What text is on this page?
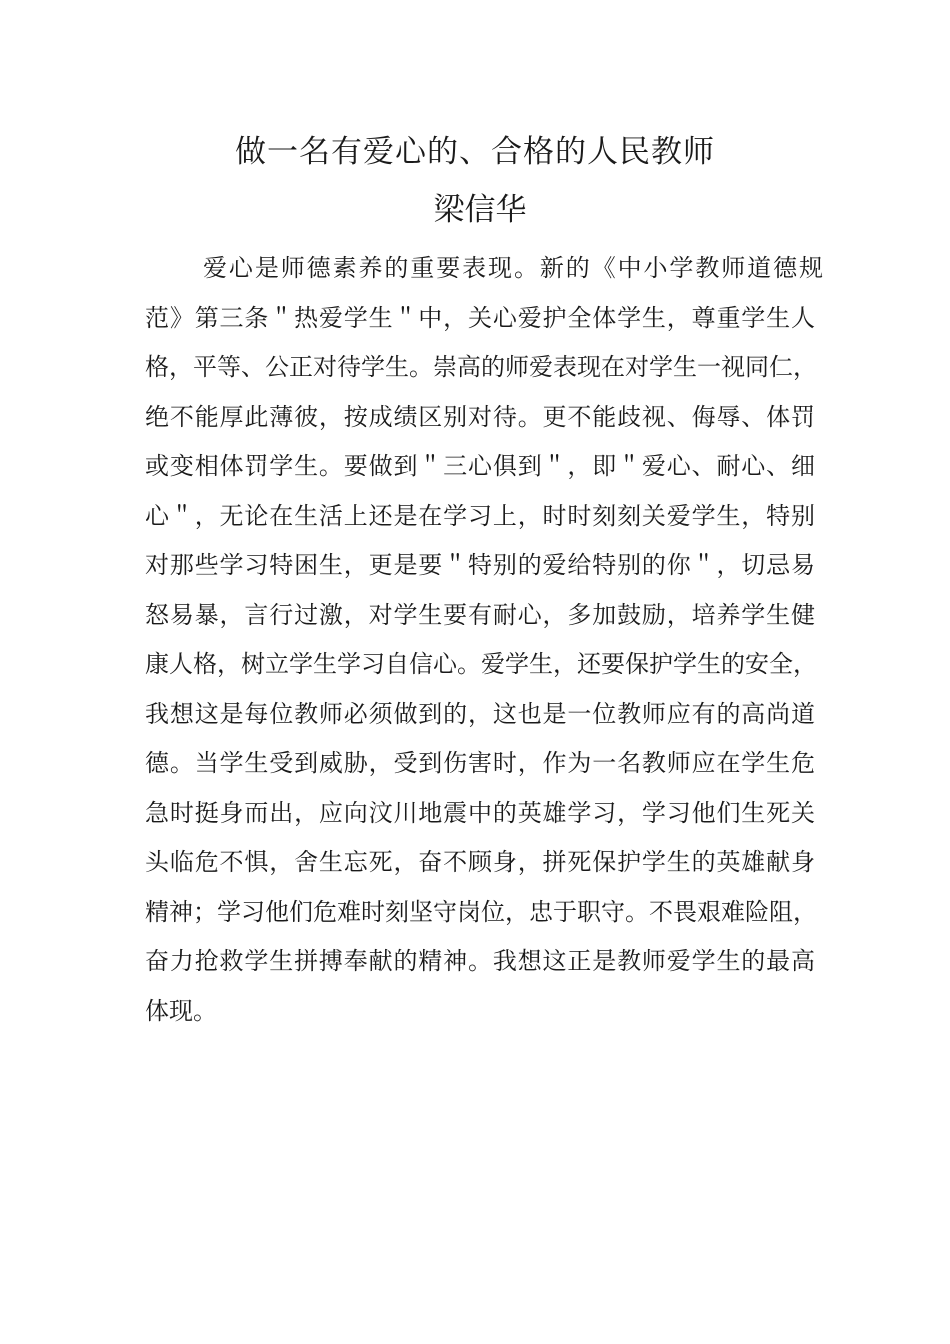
做一名有爱心的、合格的人民教师
梁信华
爱心是师德素养的重要表现。新的《中小学教师道德规
范》第三条＂热爱学生＂中，关心爱护全体学生，尊重学生人
格，平等、公正对待学生。崇高的师爱表现在对学生一视同仁，
绝不能厚此薄彼，按成绩区别对待。更不能歧视、侮辱、体罚
或变相体罚学生。要做到＂三心俱到＂，即＂爱心、耐心、细
心＂，无论在生活上还是在学习上，时时刻刻关爱学生，特别
对那些学习特困生，更是要＂特别的爱给特别的你＂，切忌易
怒易暴，言行过激，对学生要有耐心，多加鼓励，培养学生健
康人格，树立学生学习自信心。爱学生，还要保护学生的安全，
我想这是每位教师必须做到的，这也是一位教师应有的高尚道
德。当学生受到威胁，受到伤害时，作为一名教师应在学生危
急时挺身而出，应向汶川地震中的英雄学习，学习他们生死关
头临危不惧，舍生忘死，奋不顾身，拼死保护学生的英雄献身
精神；学习他们危难时刻坚守岗位，忠于职守。不畏艰难险阻，
奋力抢救学生拼搏奉献的精神。我想这正是教师爱学生的最高
体现。
